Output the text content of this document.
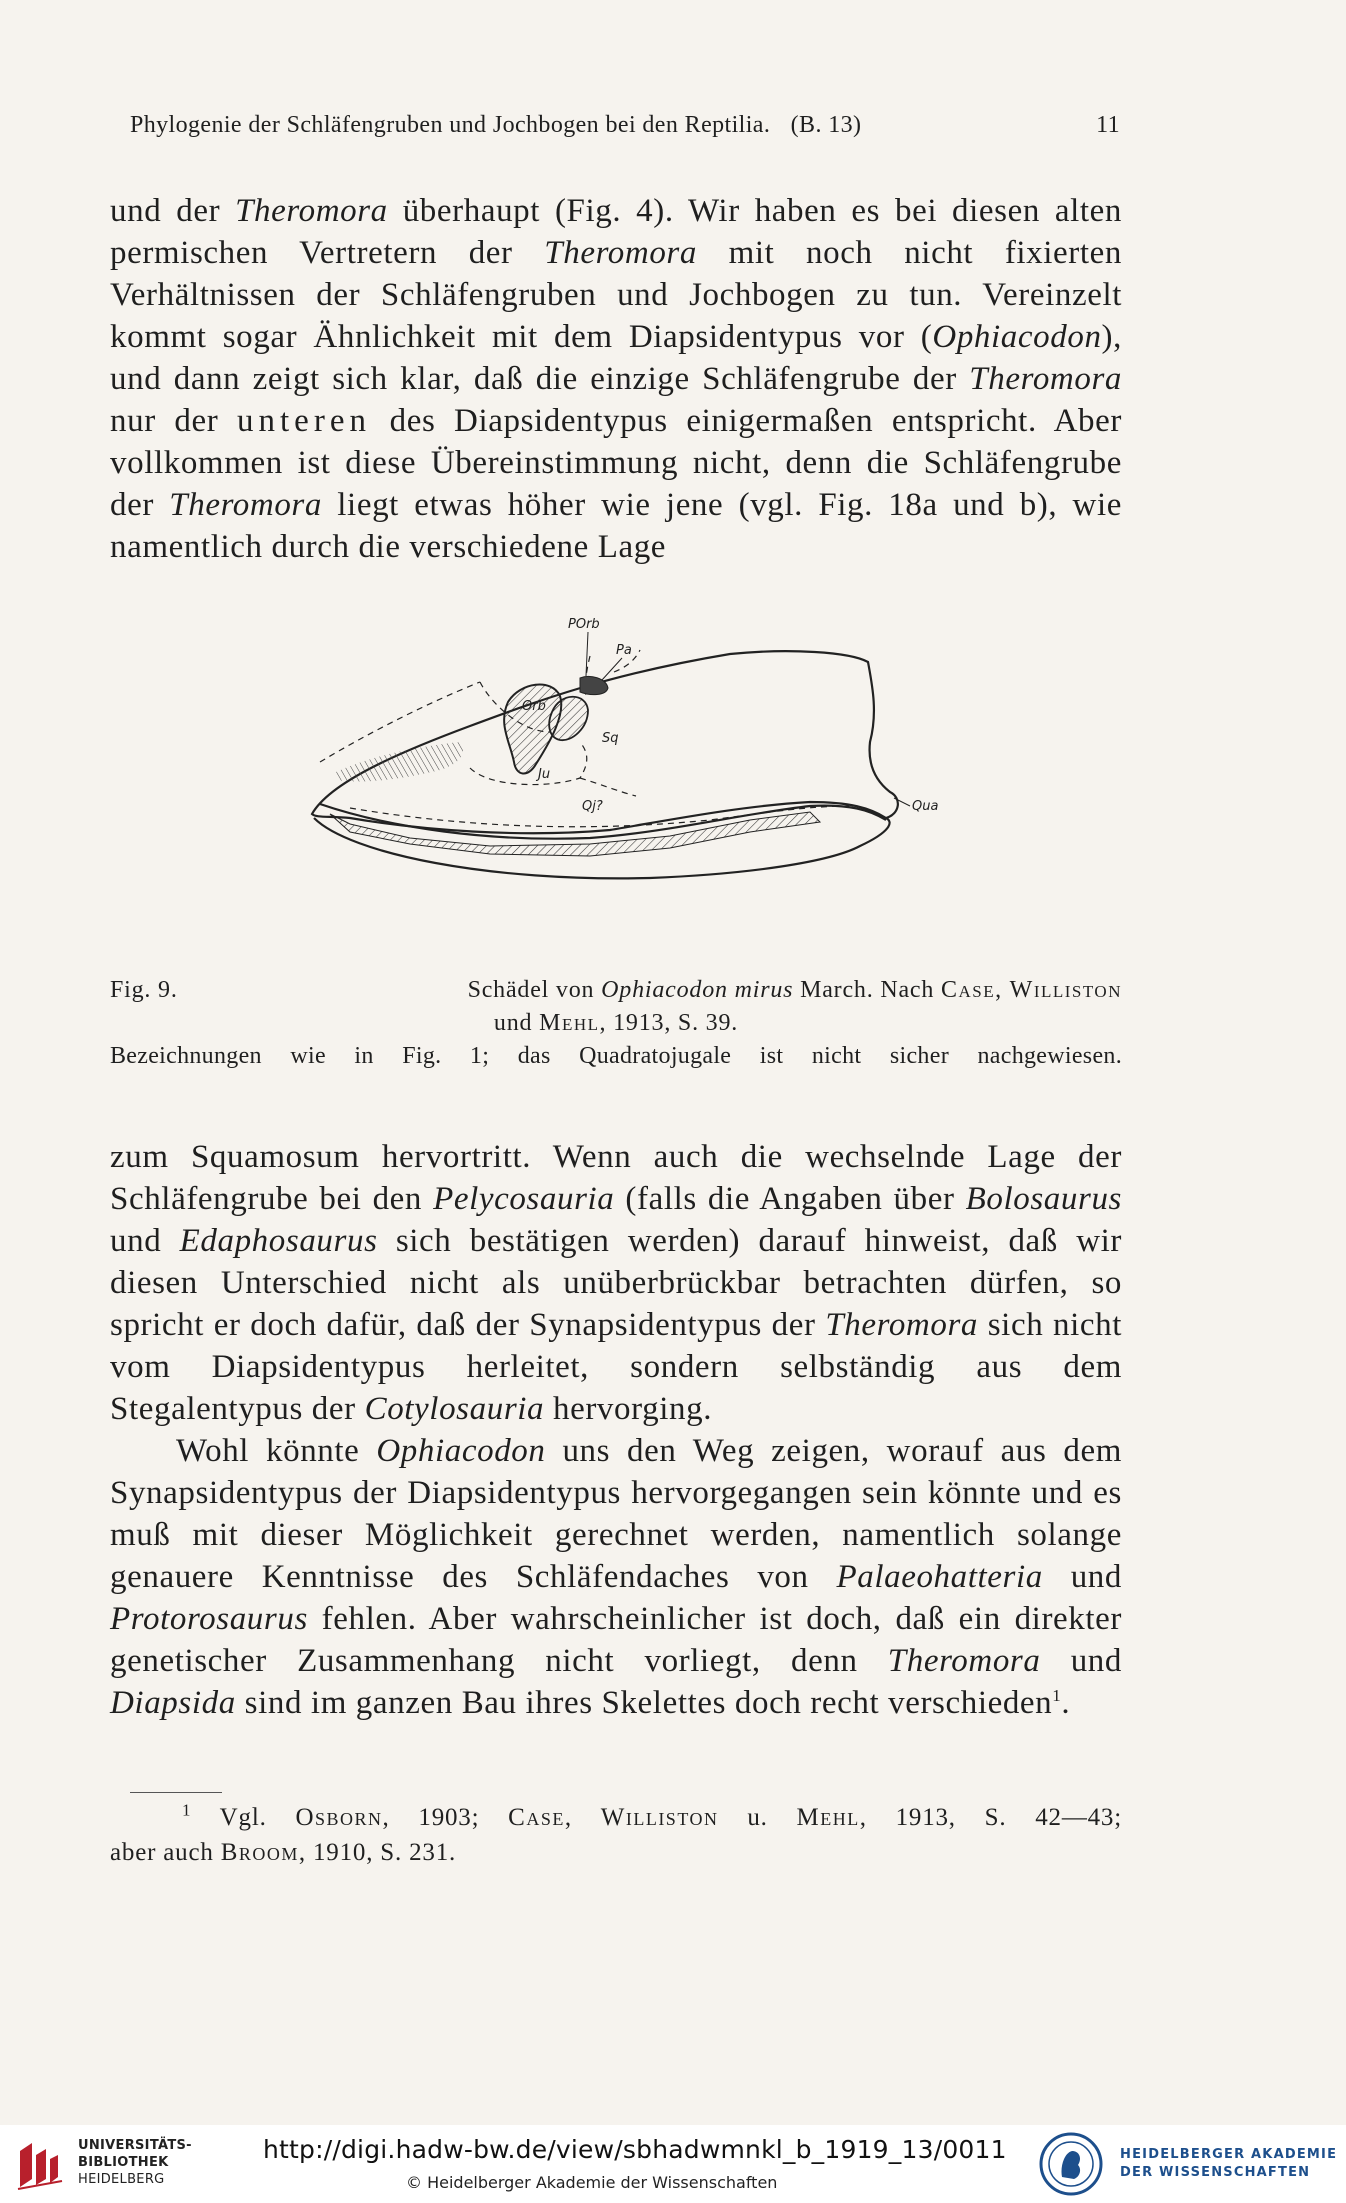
Phylogenie der Schläfengruben und Jochbogen bei den Reptilia. (B. 13)	11

und der Theromora überhaupt (Fig. 4). Wir haben es bei diesen alten permischen Vertretern der Theromora mit noch nicht fixierten Verhältnissen der Schläfengruben und Jochbogen zu tun. Vereinzelt kommt sogar Ähnlichkeit mit dem Diapsidentypus vor (Ophiacodon), und dann zeigt sich klar, daß die einzige Schläfengrube der Theromora nur der unteren des Diapsidentypus einigermaßen entspricht. Aber vollkommen ist diese Übereinstimmung nicht, denn die Schläfengrube der Theromora liegt etwas höher wie jene (vgl. Fig. 18a und b), wie namentlich durch die verschiedene Lage

POrb
Pa
Orb
Sq
Ju
Qj?	Qua
Fig. 9.	Schädel von Ophiacodon mirus March. Nach Case, Williston
und Mehl, 1913, S. 39.
Bezeichnungen wie in Fig. 1; das Quadratojugale ist nicht sicher nachgewiesen.

zum Squamosum hervortritt. Wenn auch die wechselnde Lage der Schläfengrube bei den Pelycosauria (falls die Angaben über Bolosaurus und Edaphosaurus sich bestätigen werden) darauf hinweist, daß wir diesen Unterschied nicht als unüberbrückbar betrachten dürfen, so spricht er doch dafür, daß der Synapsidentypus der Theromora sich nicht vom Diapsidentypus herleitet, sondern selbständig aus dem Stegalentypus der Cotylosauria hervorging.

Wohl könnte Ophiacodon uns den Weg zeigen, worauf aus dem Synapsidentypus der Diapsidentypus hervorgegangen sein könnte und es muß mit dieser Möglichkeit gerechnet werden, namentlich solange genauere Kenntnisse des Schläfendaches von Palaeohatteria und Protorosaurus fehlen. Aber wahrscheinlicher ist doch, daß ein direkter genetischer Zusammenhang nicht vorliegt, denn Theromora und Diapsida sind im ganzen Bau ihres Skelettes doch recht verschieden$^1$.

$^1$ Vgl. Osborn, 1903; Case, Williston u. Mehl, 1913, S. 42—43;

aber auch Broom, 1910, S. 231.

UNIVERSITÄTS-
BIBLIOTHEK
HEIDELBERG
http://digi.hadw-bw.de/view/sbhadwmnkl_b_1919_13/0011
© Heidelberger Akademie der Wissenschaften
HEIDELBERGER AKADEMIE
DER WISSENSCHAFTEN
